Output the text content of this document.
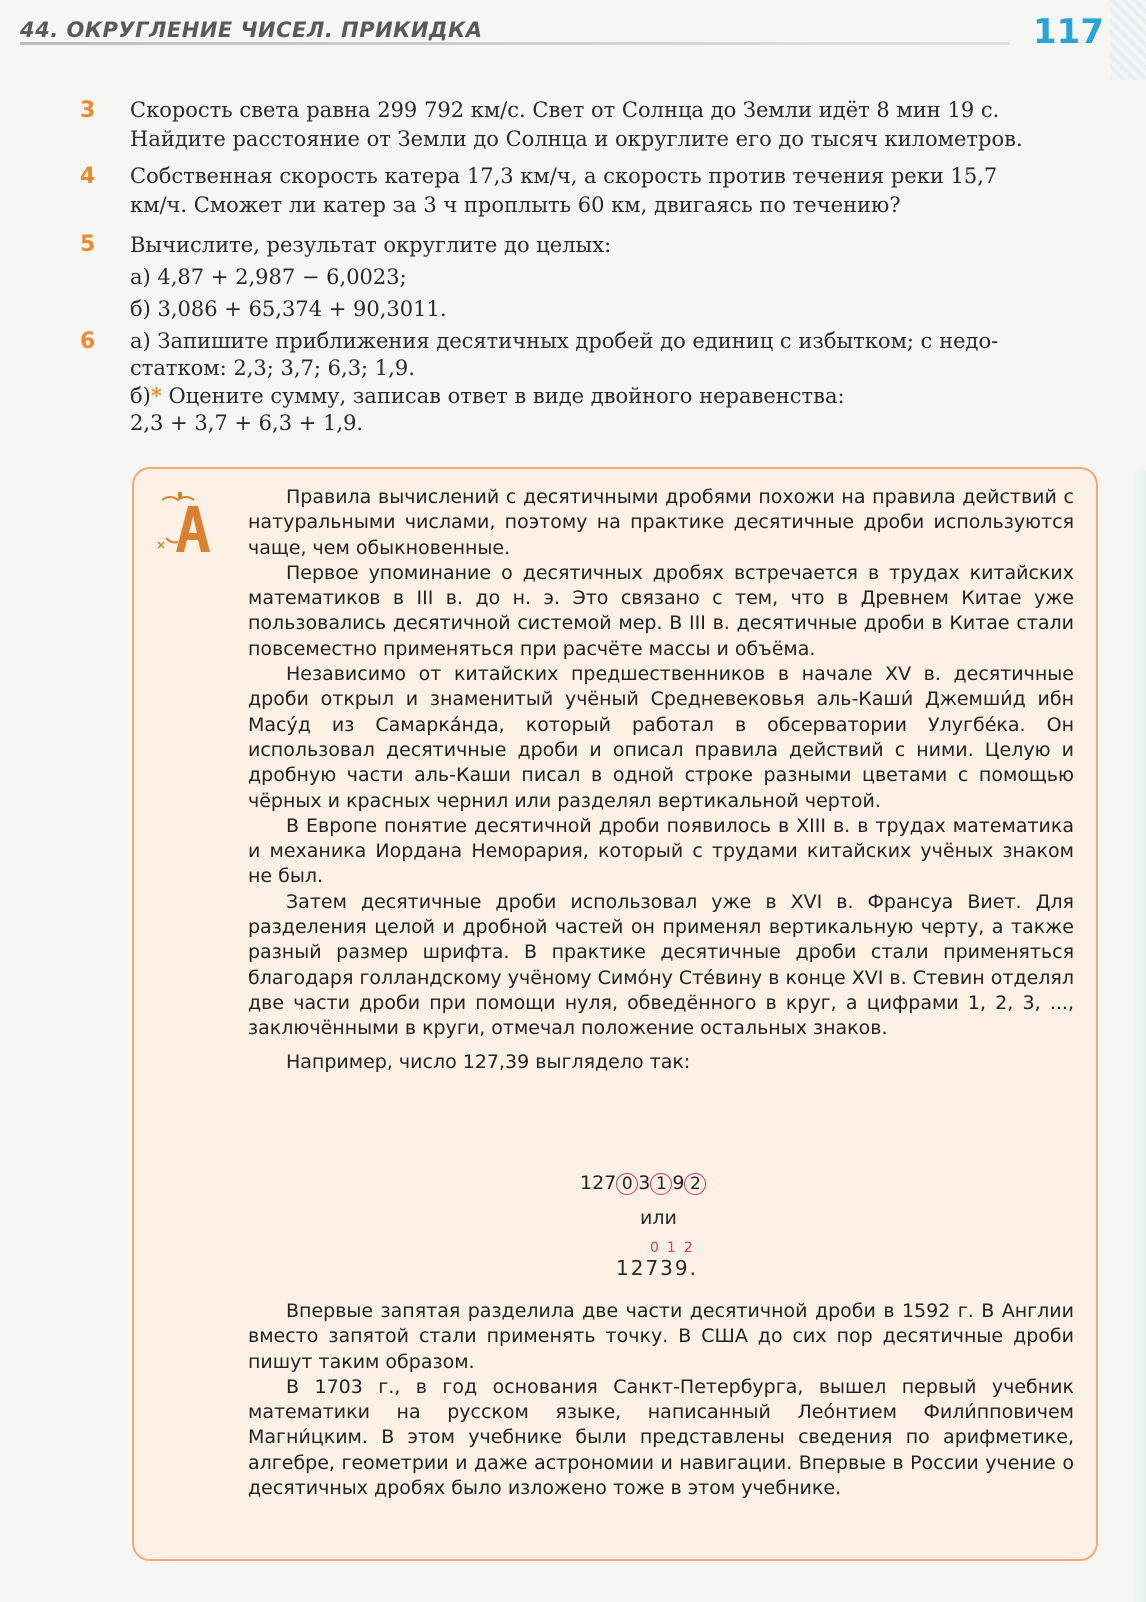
44. ОКРУГЛЕНИЕ ЧИСЕЛ. ПРИКИДКА	117
3 Скорость света равна 299 792 км/с. Свет от Солнца до Земли идёт 8 мин 19 с.
Найдите расстояние от Земли до Солнца и округлите его до тысяч километров.
4 Собственная скорость катера 17,3 км/ч, а скорость против течения реки 15,7
км/ч. Сможет ли катер за 3 ч проплыть 60 км, двигаясь по течению?
5 Вычислите, результат округлите до целых:
а) 4,87 + 2,987 − 6,0023;
б) 3,086 + 65,374 + 90,3011.
6 а) Запишите приближения десятичных дробей до единиц с избытком; с недо-
статком: 2,3; 3,7; 6,3; 1,9.
б)* Оцените сумму, записав ответ в виде двойного неравенства:
2,3 + 3,7 + 6,3 + 1,9.

Правила вычислений с десятичными дробями похожи на правила действий с натуральными числами, поэтому на практике десятичные дроби используются чаще, чем обыкновенные.

Первое упоминание о десятичных дробях встречается в трудах китайских математиков в III в. до н. э. Это связано с тем, что в Древнем Китае уже пользовались десятичной системой мер. В III в. десятичные дроби в Китае стали повсеместно применяться при расчёте массы и объёма.

Независимо от китайских предшественников в начале XV в. десятичные дроби открыл и знаменитый учёный Средневековья аль-Каши́ Джемши́д ибн Масу́д из Самарка́нда, который работал в обсерватории Улугбе́ка. Он использовал десятичные дроби и описал правила действий с ними. Целую и дробную части аль-Каши писал в одной строке разными цветами с помощью чёрных и красных чернил или разделял вертикальной чертой.

В Европе понятие десятичной дроби появилось в XIII в. в трудах математика и механика Иордана Неморария, который с трудами китайских учёных знаком не был.

Затем десятичные дроби использовал уже в XVI в. Франсуа Виет. Для разделения целой и дробной частей он применял вертикальную черту, а также разный размер шрифта. В практике десятичные дроби стали применяться благодаря голландскому учёному Симо́ну Сте́вину в конце XVI в. Стевин отделял две части дроби при помощи нуля, обведённого в круг, а цифрами 1, 2, 3, ..., заключёнными в круги, отмечал положение остальных знаков.

Например, число 127,39 выглядело так:

127 0 3 1 9 2
или
012
12739.

Впервые запятая разделила две части десятичной дроби в 1592 г. В Англии вместо запятой стали применять точку. В США до сих пор десятичные дроби пишут таким образом.

В 1703 г., в год основания Санкт-Петербурга, вышел первый учебник математики на русском языке, написанный Лео́нтием Фили́пповичем Магни́цким. В этом учебнике были представлены сведения по арифметике, алгебре, геометрии и даже астрономии и навигации. Впервые в России учение о десятичных дробях было изложено тоже в этом учебнике.
